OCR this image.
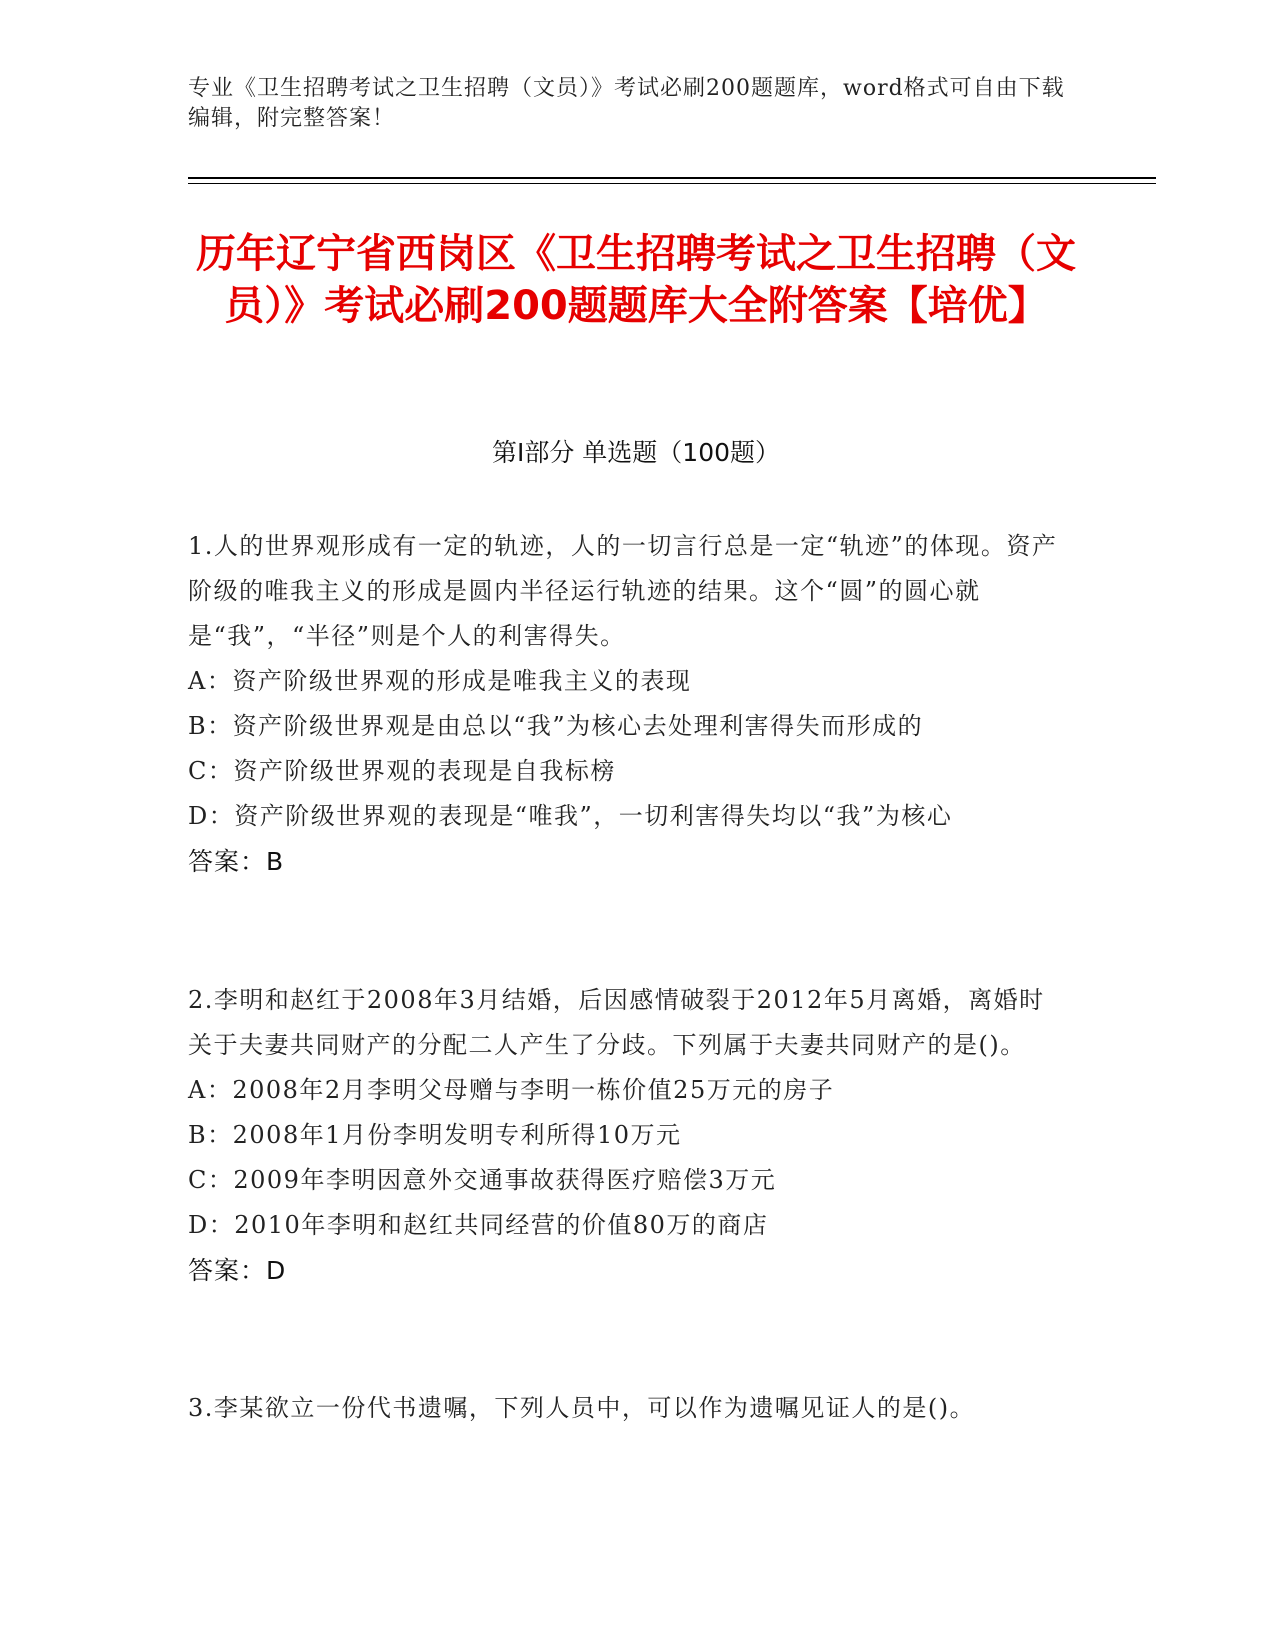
专业《卫生招聘考试之卫生招聘（文员）》考试必刷200题题库，word格式可自由下载编辑，附完整答案！
历年辽宁省西岗区《卫生招聘考试之卫生招聘（文员）》考试必刷200题题库大全附答案【培优】
第Ⅰ部分 单选题（100题）

1.人的世界观形成有一定的轨迹，人的一切言行总是一定“轨迹”的体现。资产阶级的唯我主义的形成是圆内半径运行轨迹的结果。这个“圆”的圆心就是“我”，“半径”则是个人的利害得失。

A：资产阶级世界观的形成是唯我主义的表现

B：资产阶级世界观是由总以“我”为核心去处理利害得失而形成的

C：资产阶级世界观的表现是自我标榜

D：资产阶级世界观的表现是“唯我”，一切利害得失均以“我”为核心

答案：B

2.李明和赵红于2008年3月结婚，后因感情破裂于2012年5月离婚，离婚时关于夫妻共同财产的分配二人产生了分歧。下列属于夫妻共同财产的是()。

A：2008年2月李明父母赠与李明一栋价值25万元的房子

B：2008年1月份李明发明专利所得10万元

C：2009年李明因意外交通事故获得医疗赔偿3万元

D：2010年李明和赵红共同经营的价值80万的商店

答案：D

3.李某欲立一份代书遗嘱，下列人员中，可以作为遗嘱见证人的是()。
